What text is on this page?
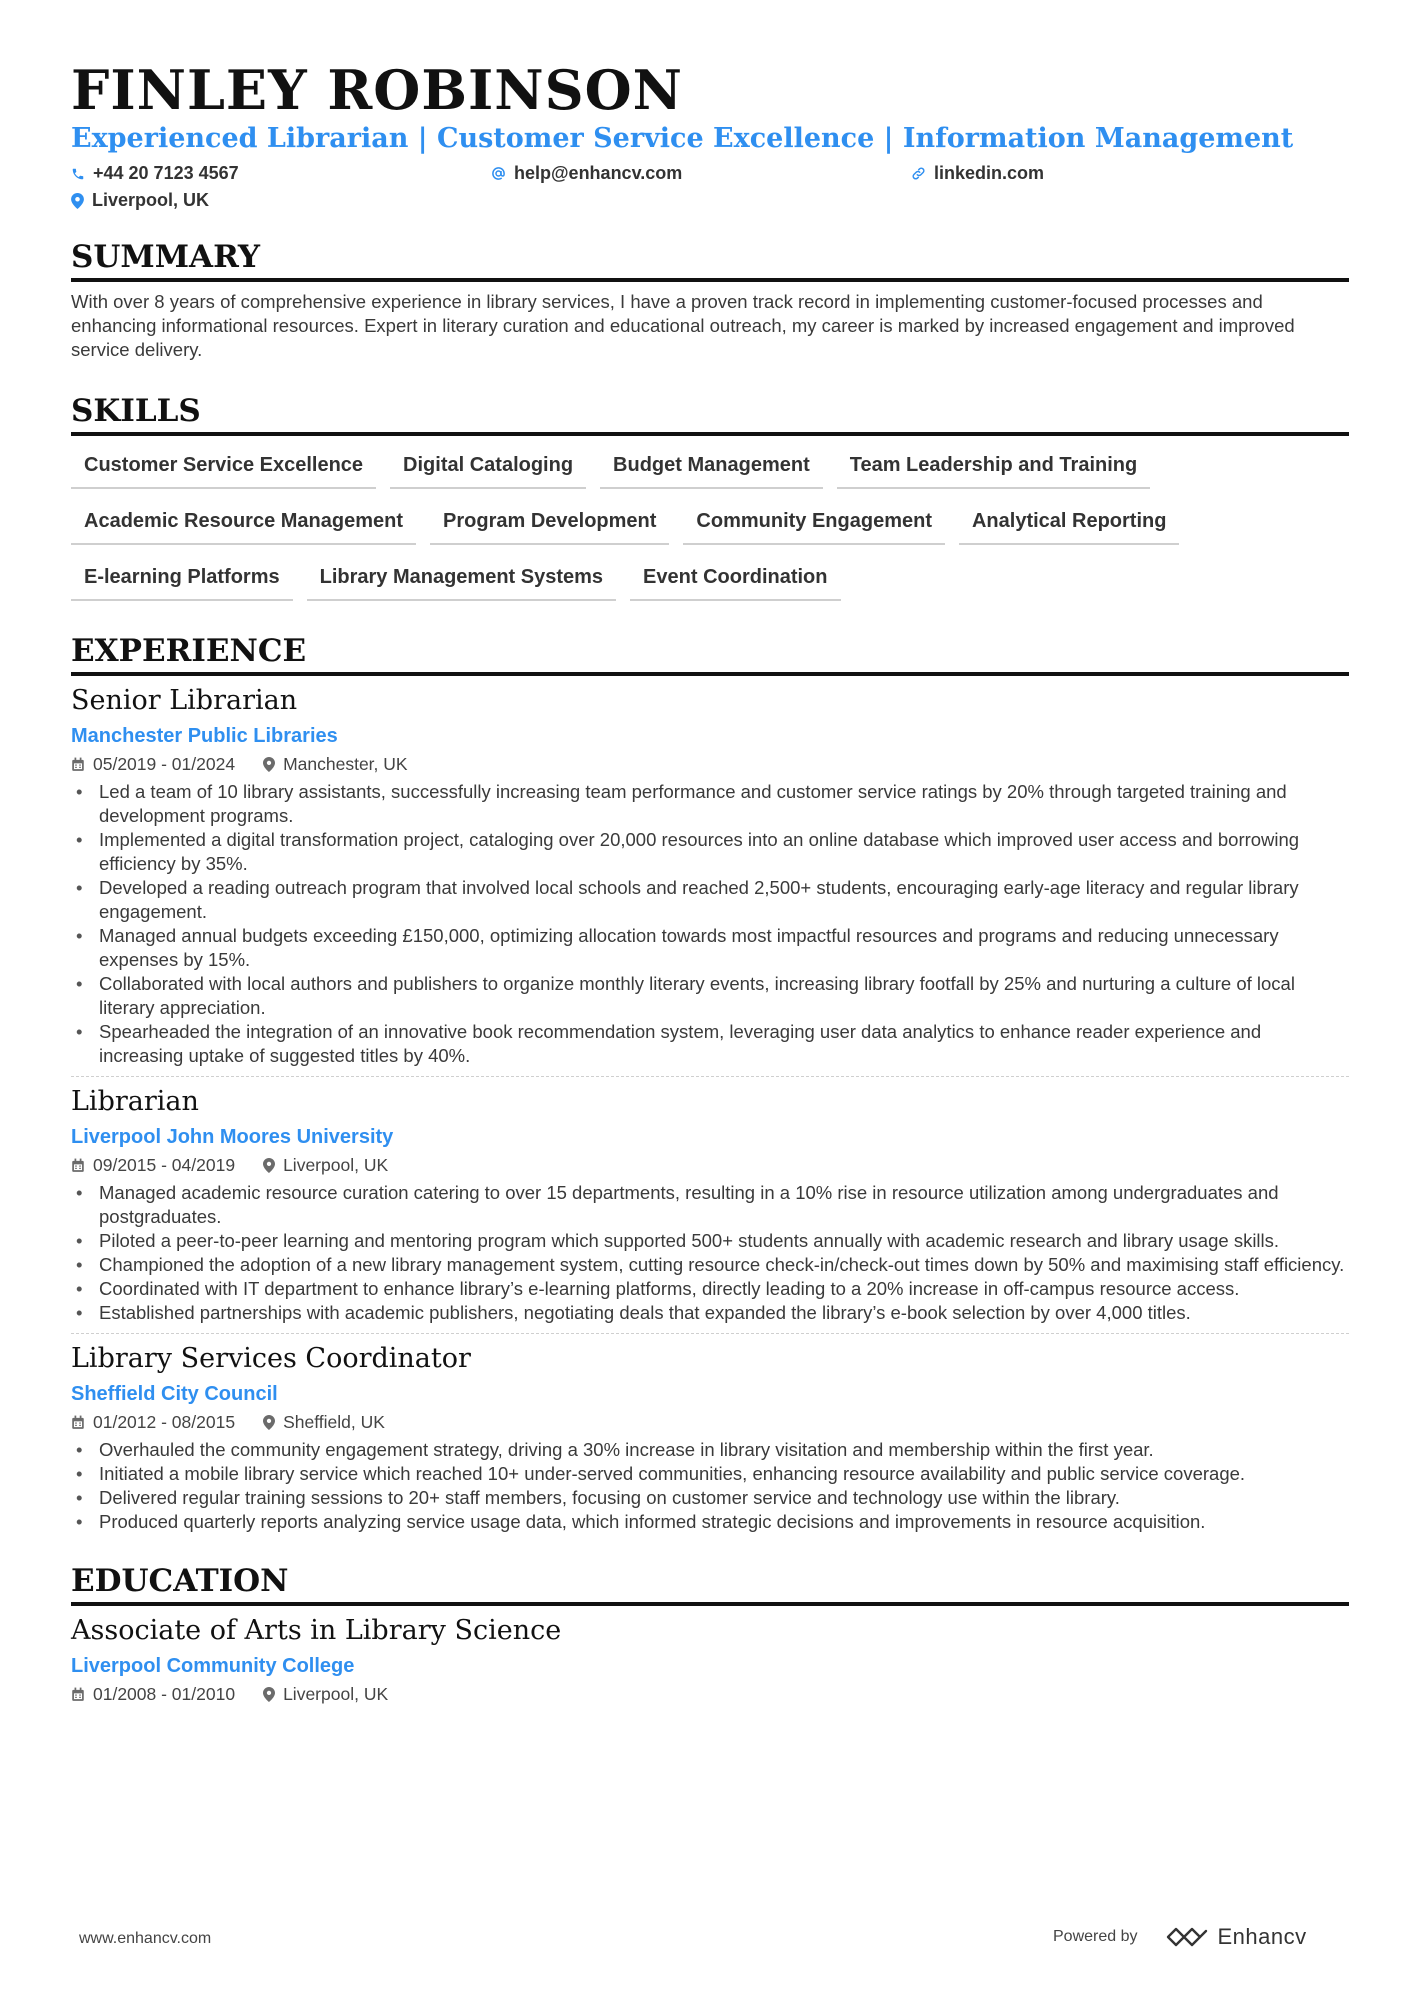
FINLEY ROBINSON
Experienced Librarian | Customer Service Excellence | Information Management
+44 20 7123 4567	help@enhancv.com	linkedin.com
Liverpool, UK
SUMMARY
With over 8 years of comprehensive experience in library services, I have a proven track record in implementing customer-focused processes and enhancing informational resources. Expert in literary curation and educational outreach, my career is marked by increased engagement and improved service delivery.
SKILLS
Customer Service Excellence	Digital Cataloging	Budget Management	Team Leadership and Training
Academic Resource Management	Program Development	Community Engagement	Analytical Reporting
E-learning Platforms	Library Management Systems	Event Coordination
EXPERIENCE
Senior Librarian
Manchester Public Libraries
05/2019 - 01/2024	Manchester, UK
• Led a team of 10 library assistants, successfully increasing team performance and customer service ratings by 20% through targeted training and development programs.
• Implemented a digital transformation project, cataloging over 20,000 resources into an online database which improved user access and borrowing efficiency by 35%.
• Developed a reading outreach program that involved local schools and reached 2,500+ students, encouraging early-age literacy and regular library engagement.
• Managed annual budgets exceeding £150,000, optimizing allocation towards most impactful resources and programs and reducing unnecessary expenses by 15%.
• Collaborated with local authors and publishers to organize monthly literary events, increasing library footfall by 25% and nurturing a culture of local literary appreciation.
• Spearheaded the integration of an innovative book recommendation system, leveraging user data analytics to enhance reader experience and increasing uptake of suggested titles by 40%.
Librarian
Liverpool John Moores University
09/2015 - 04/2019	Liverpool, UK
• Managed academic resource curation catering to over 15 departments, resulting in a 10% rise in resource utilization among undergraduates and postgraduates.
• Piloted a peer-to-peer learning and mentoring program which supported 500+ students annually with academic research and library usage skills.
• Championed the adoption of a new library management system, cutting resource check-in/check-out times down by 50% and maximising staff efficiency.
• Coordinated with IT department to enhance library’s e-learning platforms, directly leading to a 20% increase in off-campus resource access.
• Established partnerships with academic publishers, negotiating deals that expanded the library’s e-book selection by over 4,000 titles.
Library Services Coordinator
Sheffield City Council
01/2012 - 08/2015	Sheffield, UK
• Overhauled the community engagement strategy, driving a 30% increase in library visitation and membership within the first year.
• Initiated a mobile library service which reached 10+ under-served communities, enhancing resource availability and public service coverage.
• Delivered regular training sessions to 20+ staff members, focusing on customer service and technology use within the library.
• Produced quarterly reports analyzing service usage data, which informed strategic decisions and improvements in resource acquisition.
EDUCATION
Associate of Arts in Library Science
Liverpool Community College
01/2008 - 01/2010	Liverpool, UK
www.enhancv.com	Powered by	Enhancv
